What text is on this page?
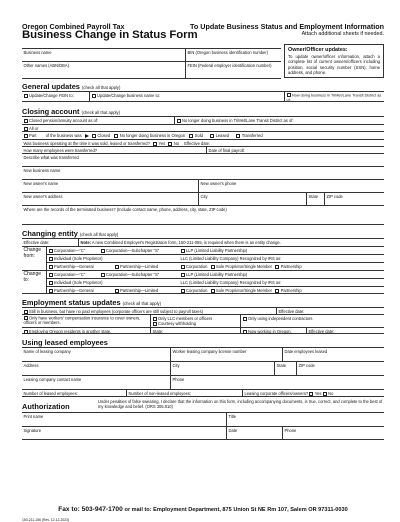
Oregon Combined Payroll Tax
Business Change in Status Form
To Update Business Status and Employment Information
Attach additional sheets if needed.
Business name	BIN (Oregon business identification number)
Other names (ABN/DBA)	FEIN (Federal employer identification number)
General updates (check all that apply)
Update/Change FEIN to:	Update/Change business name to:	Now doing business in TriMet/Lane Transit District as of:
Closing account (check all that apply)
Closed pension/annuity account as of:	No longer doing business in TriMet/Lane Transit District as of:
All or
Part of the business was	Closed No longer doing business in Oregon Sold	Leased	Transferred
Was business operating at the time it was sold, leased or transferred? Yes No Effective date:
How many employees were transferred?	Date of final payroll:
Describe what was transferred
New business name
New owner's name	New owner's phone
New owner's address	City	State	ZIP code
Where are the records of the terminated business? (Include contact name, phone, address, city, state, ZIP code)
Changing entity (check all that apply)
Effective date:	Note: A new Combined Employer's Registration form, 150-211-055, is required when there is an entity change.
Change from:
Corporation—"C"	Corporation—Subchapter "S"	LLP (Limited Liability Partnership)
Individual (Sole Proprietor)	LLC (Limited Liability Company) Recognized by IRS as:
Partnership—General	Partnership—Limited	Corporation Sole Proprietor/Single Member Partnership
Change to:
Corporation—"C"	Corporation—Subchapter "S"	LLP (Limited Liability Partnership)
Individual (Sole Proprietor)	LLC (Limited Liability Company) Recognized by IRS as:
Partnership—General	Partnership—Limited	Corporation Sole Proprietor/Single Member Partnership
Employment status updates (check all that apply)
Still in business, but have no paid employees (corporate officers are still subject to payroll taxes)	Effective date:
Only have workers' compensation insurance to cover owners, officers or members.
Only LLC members or officers
Courtesy withholding
Only using independent contractors
Employing Oregon residents in another state.	State:	Now working in Oregon.	Effective date:
Using leased employees
Name of leasing company	Worker leasing company license number	Date employees leased
Address	City	State	ZIP code
Leasing company contact name	Phone
Number of leased employees:	Number of non-leased employees:	Leasing corporate officers/owners? Yes No
Authorization
Under penalties of false swearing, I declare that the information on this form, including accompanying documents, is true, correct, and complete to the best of my knowledge and belief. (ORS 305.810)
Print name	Title
Signature	Date	Phone
Fax to: 503-947-1700 or mail to: Employment Department, 875 Union St NE Rm 107, Salem OR 97311-0030
150-211-156 (Rev. 12-12-2023)
Owner/Officer updates:
To update owner/officer information, attach a complete list of current owners/officers including position, social security number (SSN), home address, and phone.
